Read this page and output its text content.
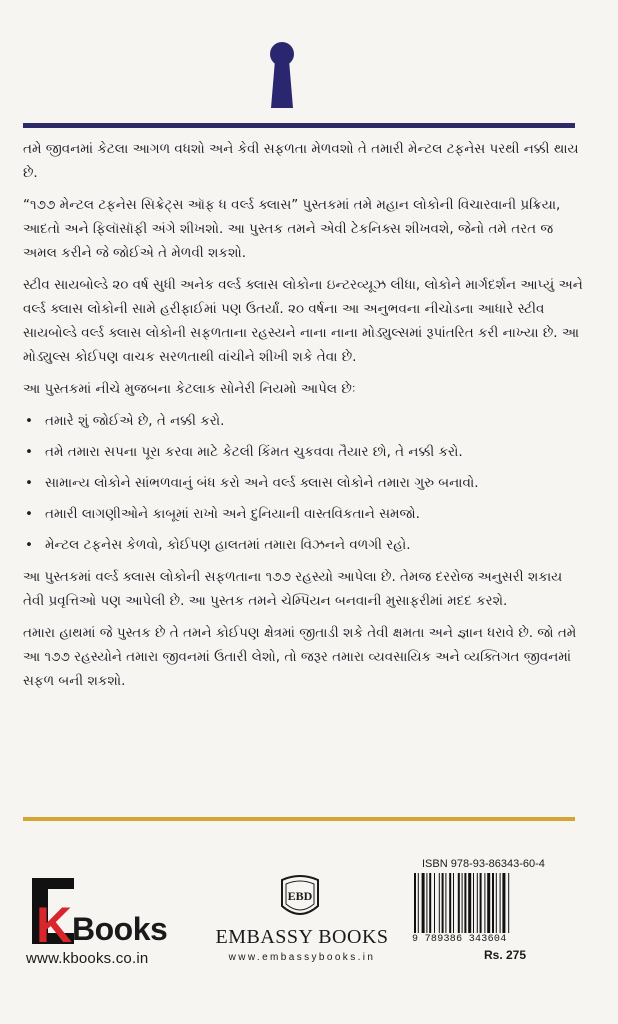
તમે જીવનમાં કેટલા આગળ વધશો અને કેવી સફળતા મેળવશો તે તમારી મેન્ટલ ટફનેસ પરથી નક્કી થાય છે.

“૧૭૭ મેન્ટલ ટફનેસ સિક્રેટ્સ ઑફ ધ વર્લ્ડ ક્લાસ” પુસ્તકમાં તમે મહાન લોકોની વિચારવાની પ્રક્રિયા, આદતો અને ફિલૉસૉફી અંગે શીખશો. આ પુસ્તક તમને એવી ટેકનિક્સ શીખવશે, જેનો તમે તરત જ અમલ કરીને જે જોઈએ તે મેળવી શકશો.

સ્ટીવ સાયબોલ્ડે ૨૦ વર્ષ સુધી અનેક વર્લ્ડ ક્લાસ લોકોના ઇન્ટરવ્યૂઝ લીધા, લોકોને માર્ગદર્શન આપ્યું અને વર્લ્ડ ક્લાસ લોકોની સામે હરીફાઈમાં પણ ઉતર્યાં. ૨૦ વર્ષના આ અનુભવના નીચોડના આધારે સ્ટીવ સાયબોલ્ડે વર્લ્ડ ક્લાસ લોકોની સફળતાના રહસ્યને નાના નાના મોડ્યુલ્સમાં રૂપાંતરિત કરી નાખ્યા છે. આ મોડ્યુલ્સ કોઈપણ વાચક સરળતાથી વાંચીને શીખી શકે તેવા છે.

આ પુસ્તકમાં નીચે મુજબના કેટલાક સોનેરી નિયમો આપેલ છેઃ

• તમારે શું જોઈએ છે, તે નક્કી કરો.
• તમે તમારા સપના પૂરા કરવા માટે કેટલી કિંમત ચુકવવા તૈયાર છો, તે નક્કી કરો.
• સામાન્ય લોકોને સાંભળવાનું બંધ કરો અને વર્લ્ડ ક્લાસ લોકોને તમારા ગુરુ બનાવો.
• તમારી લાગણીઓને કાબૂમાં રાખો અને દુનિયાની વાસ્તવિકતાને સમજો.
• મેન્ટલ ટફનેસ કેળવો, કોઈપણ હાલતમાં તમારા વિઝનને વળગી રહો.

આ પુસ્તકમાં વર્લ્ડ ક્લાસ લોકોની સફળતાના ૧૭૭ રહસ્યો આપેલા છે. તેમજ દરરોજ અનુસરી શકાય તેવી પ્રવૃત્તિઓ પણ આપેલી છે. આ પુસ્તક તમને ચેમ્પિયન બનવાની મુસાફરીમાં મદદ કરશે.

તમારા હાથમાં જે પુસ્તક છે તે તમને કોઈપણ ક્ષેત્રમાં જીતાડી શકે તેવી ક્ષમતા અને જ્ઞાન ધરાવે છે. જો તમે આ ૧૭૭ રહસ્યોને તમારા જીવનમાં ઉતારી લેશો, તો જરૂર તમારા વ્યવસાયિક અને વ્યક્તિગત જીવનમાં સફળ બની શકશો.

K Books
www.kbooks.co.in
EBD
EMBASSY BOOKS
www.embassybooks.in
ISBN 978-93-86343-60-4
9 789386 343604
Rs. 275
